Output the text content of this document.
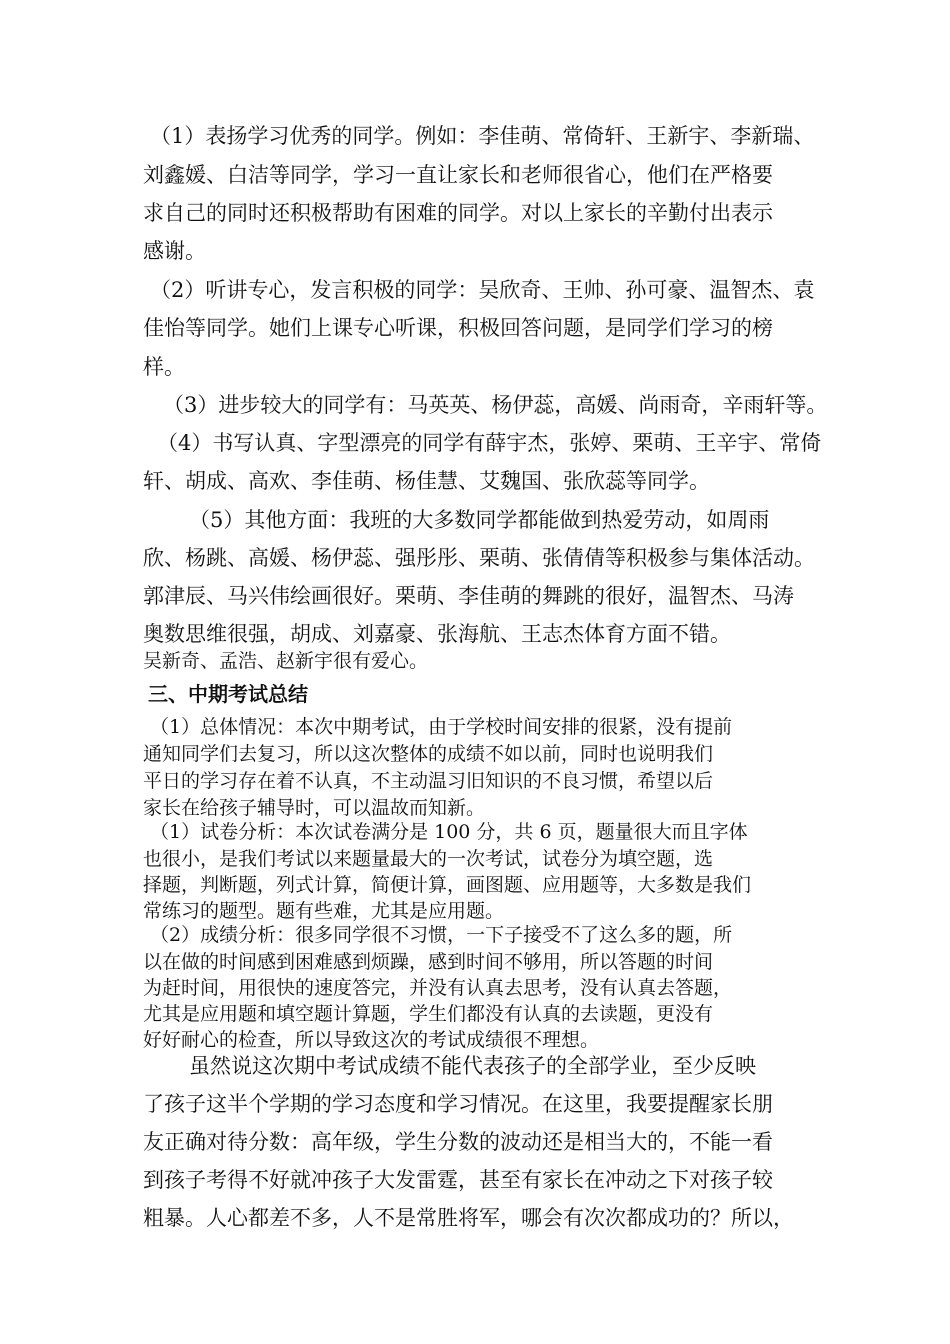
（1）表扬学习优秀的同学。例如：李佳萌、常倚轩、王新宇、李新瑞、
刘鑫媛、白洁等同学，学习一直让家长和老师很省心，他们在严格要
求自己的同时还积极帮助有困难的同学。对以上家长的辛勤付出表示
感谢。
（2）听讲专心，发言积极的同学：吴欣奇、王帅、孙可豪、温智杰、袁
佳怡等同学。她们上课专心听课，积极回答问题，是同学们学习的榜
样。
（3）进步较大的同学有：马英英、杨伊蕊，高媛、尚雨奇，辛雨轩等。
（4）书写认真、字型漂亮的同学有薛宇杰，张婷、栗萌、王辛宇、常倚
轩、胡成、高欢、李佳萌、杨佳慧、艾魏国、张欣蕊等同学。
（5）其他方面：我班的大多数同学都能做到热爱劳动，如周雨
欣、杨跳、高媛、杨伊蕊、强彤彤、栗萌、张倩倩等积极参与集体活动。
郭津辰、马兴伟绘画很好。栗萌、李佳萌的舞跳的很好，温智杰、马涛
奥数思维很强，胡成、刘嘉豪、张海航、王志杰体育方面不错。
吴新奇、孟浩、赵新宇很有爱心。
三、中期考试总结
（1）总体情况：本次中期考试，由于学校时间安排的很紧，没有提前
通知同学们去复习，所以这次整体的成绩不如以前，同时也说明我们
平日的学习存在着不认真，不主动温习旧知识的不良习惯，希望以后
家长在给孩子辅导时，可以温故而知新。
（1）试卷分析：本次试卷满分是 100 分，共 6 页，题量很大而且字体
也很小，是我们考试以来题量最大的一次考试，试卷分为填空题，选
择题，判断题，列式计算，简便计算，画图题、应用题等，大多数是我们
常练习的题型。题有些难，尤其是应用题。
（2）成绩分析：很多同学很不习惯，一下子接受不了这么多的题，所
以在做的时间感到困难感到烦躁，感到时间不够用，所以答题的时间
为赶时间，用很快的速度答完，并没有认真去思考，没有认真去答题，
尤其是应用题和填空题计算题，学生们都没有认真的去读题，更没有
好好耐心的检查，所以导致这次的考试成绩很不理想。
虽然说这次期中考试成绩不能代表孩子的全部学业，至少反映
了孩子这半个学期的学习态度和学习情况。在这里，我要提醒家长朋
友正确对待分数：高年级，学生分数的波动还是相当大的，不能一看
到孩子考得不好就冲孩子大发雷霆，甚至有家长在冲动之下对孩子较
粗暴。人心都差不多，人不是常胜将军，哪会有次次都成功的？所以，
